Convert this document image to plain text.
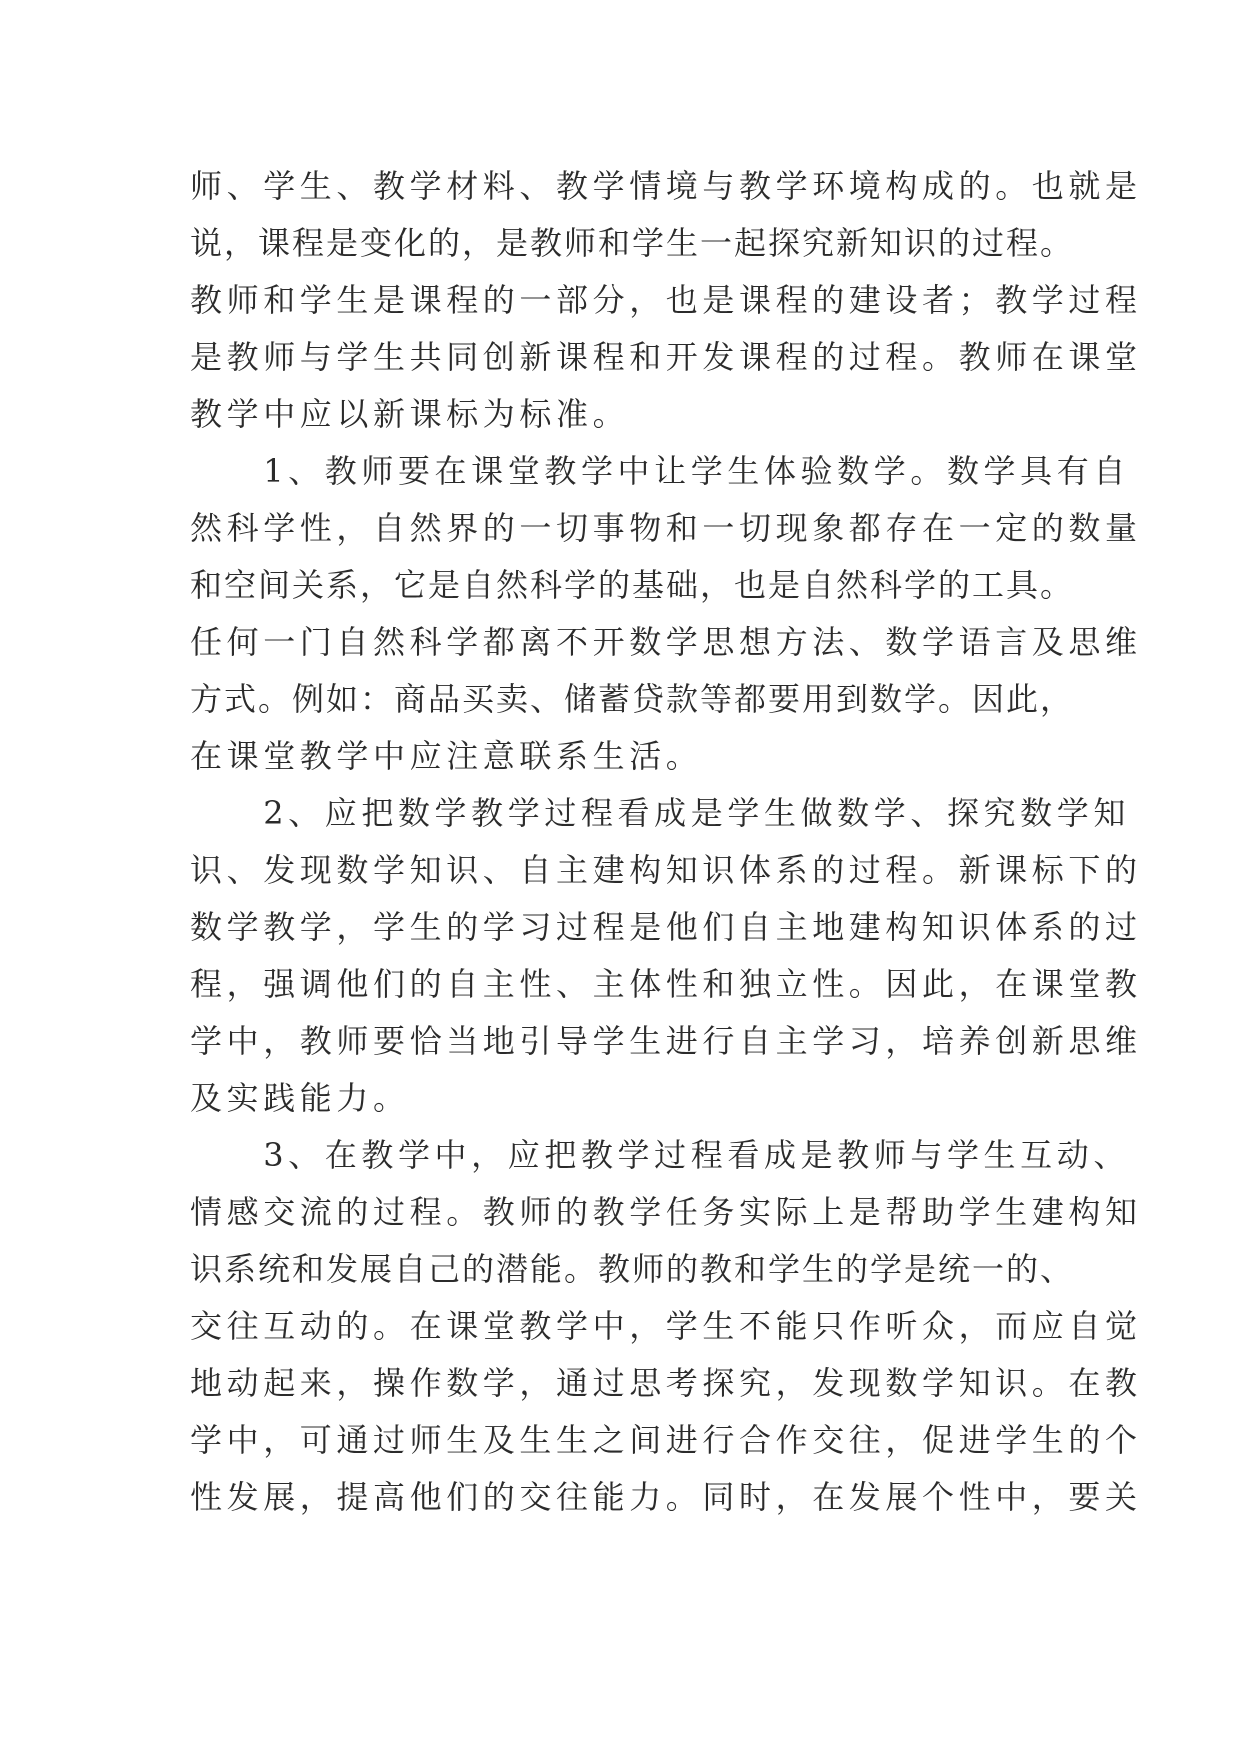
师、学生、教学材料、教学情境与教学环境构成的。也就是
说，课程是变化的，是教师和学生一起探究新知识的过程。
教师和学生是课程的一部分，也是课程的建设者；教学过程
是教师与学生共同创新课程和开发课程的过程。教师在课堂
教学中应以新课标为标准。
　　1、教师要在课堂教学中让学生体验数学。数学具有自
然科学性，自然界的一切事物和一切现象都存在一定的数量
和空间关系，它是自然科学的基础，也是自然科学的工具。
任何一门自然科学都离不开数学思想方法、数学语言及思维
方式。例如：商品买卖、储蓄贷款等都要用到数学。因此，
在课堂教学中应注意联系生活。
　　2、应把数学教学过程看成是学生做数学、探究数学知
识、发现数学知识、自主建构知识体系的过程。新课标下的
数学教学，学生的学习过程是他们自主地建构知识体系的过
程，强调他们的自主性、主体性和独立性。因此，在课堂教
学中，教师要恰当地引导学生进行自主学习，培养创新思维
及实践能力。
　　3、在教学中，应把教学过程看成是教师与学生互动、
情感交流的过程。教师的教学任务实际上是帮助学生建构知
识系统和发展自己的潜能。教师的教和学生的学是统一的、
交往互动的。在课堂教学中，学生不能只作听众，而应自觉
地动起来，操作数学，通过思考探究，发现数学知识。在教
学中，可通过师生及生生之间进行合作交往，促进学生的个
性发展，提高他们的交往能力。同时，在发展个性中，要关
